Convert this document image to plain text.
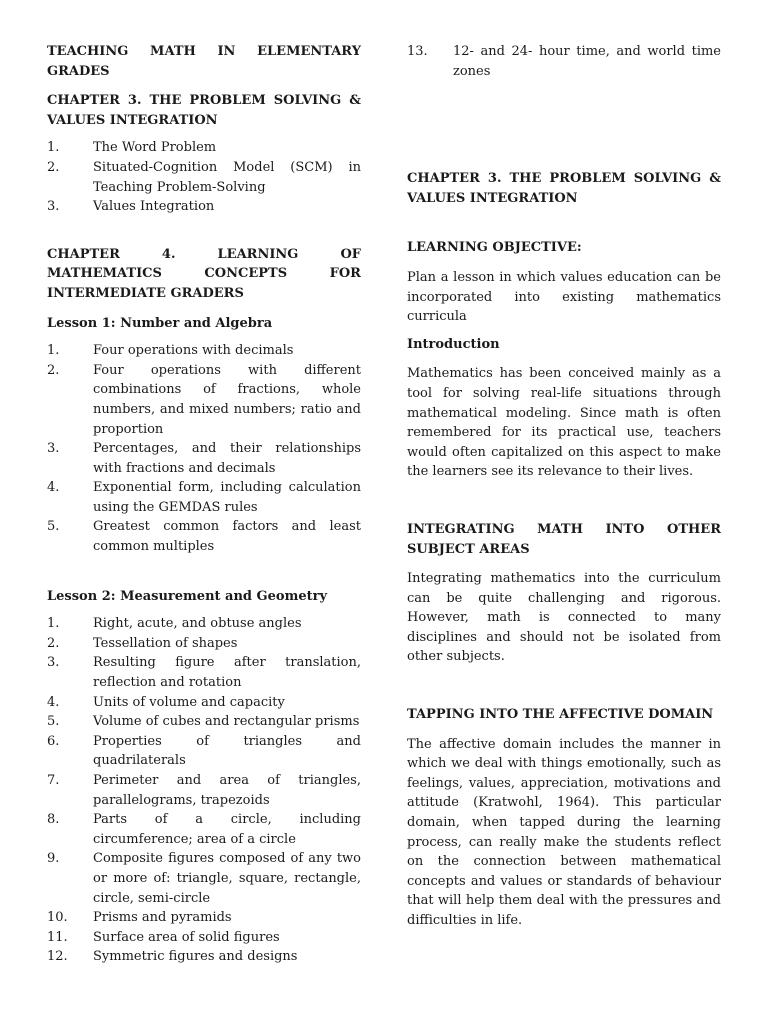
TEACHING MATH IN ELEMENTARY GRADES

CHAPTER 3. THE PROBLEM SOLVING & VALUES INTEGRATION

1.	The Word Problem
2.	Situated-Cognition Model (SCM) in Teaching Problem-Solving
3.	Values Integration

CHAPTER 4. LEARNING OF MATHEMATICS CONCEPTS FOR INTERMEDIATE GRADERS

Lesson 1: Number and Algebra

1.	Four operations with decimals
2.	Four operations with different combinations of fractions, whole numbers, and mixed numbers; ratio and proportion
3.	Percentages, and their relationships with fractions and decimals
4.	Exponential form, including calculation using the GEMDAS rules
5.	Greatest common factors and least common multiples

Lesson 2: Measurement and Geometry

1.	Right, acute, and obtuse angles
2.	Tessellation of shapes
3.	Resulting figure after translation, reflection and rotation
4.	Units of volume and capacity
5.	Volume of cubes and rectangular prisms
6.	Properties of triangles and quadrilaterals
7.	Perimeter and area of triangles, parallelograms, trapezoids
8.	Parts of a circle, including circumference; area of a circle
9.	Composite figures composed of any two or more of: triangle, square, rectangle, circle, semi-circle
10.	Prisms and pyramids
11.	Surface area of solid figures
12.	Symmetric figures and designs
13.	12- and 24- hour time, and world time zones

CHAPTER 3. THE PROBLEM SOLVING & VALUES INTEGRATION

LEARNING OBJECTIVE:

Plan a lesson in which values education can be incorporated into existing mathematics curricula

Introduction

Mathematics has been conceived mainly as a tool for solving real-life situations through mathematical modeling. Since math is often remembered for its practical use, teachers would often capitalized on this aspect to make the learners see its relevance to their lives.

INTEGRATING MATH INTO OTHER SUBJECT AREAS

Integrating mathematics into the curriculum can be quite challenging and rigorous. However, math is connected to many disciplines and should not be isolated from other subjects.

TAPPING INTO THE AFFECTIVE DOMAIN

The affective domain includes the manner in which we deal with things emotionally, such as feelings, values, appreciation, motivations and attitude (Kratwohl, 1964). This particular domain, when tapped during the learning process, can really make the students reflect on the connection between mathematical concepts and values or standards of behaviour that will help them deal with the pressures and difficulties in life.
